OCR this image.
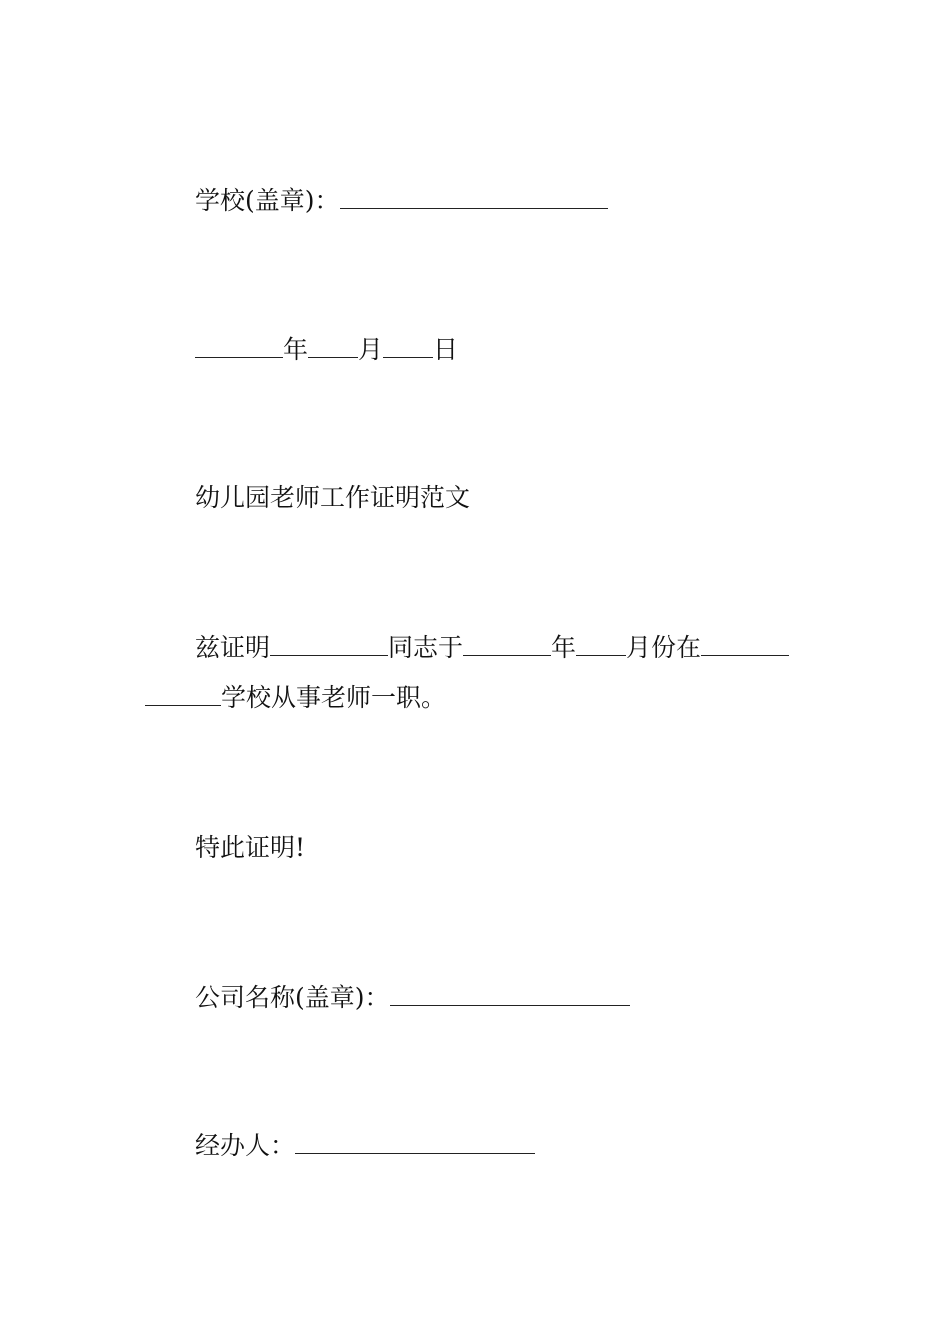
学校(盖章)：
年 月 日
幼儿园老师工作证明范文
兹证明	同志于	年 月份在
学校从事老师一职。
特此证明!
公司名称(盖章)：
经办人：
